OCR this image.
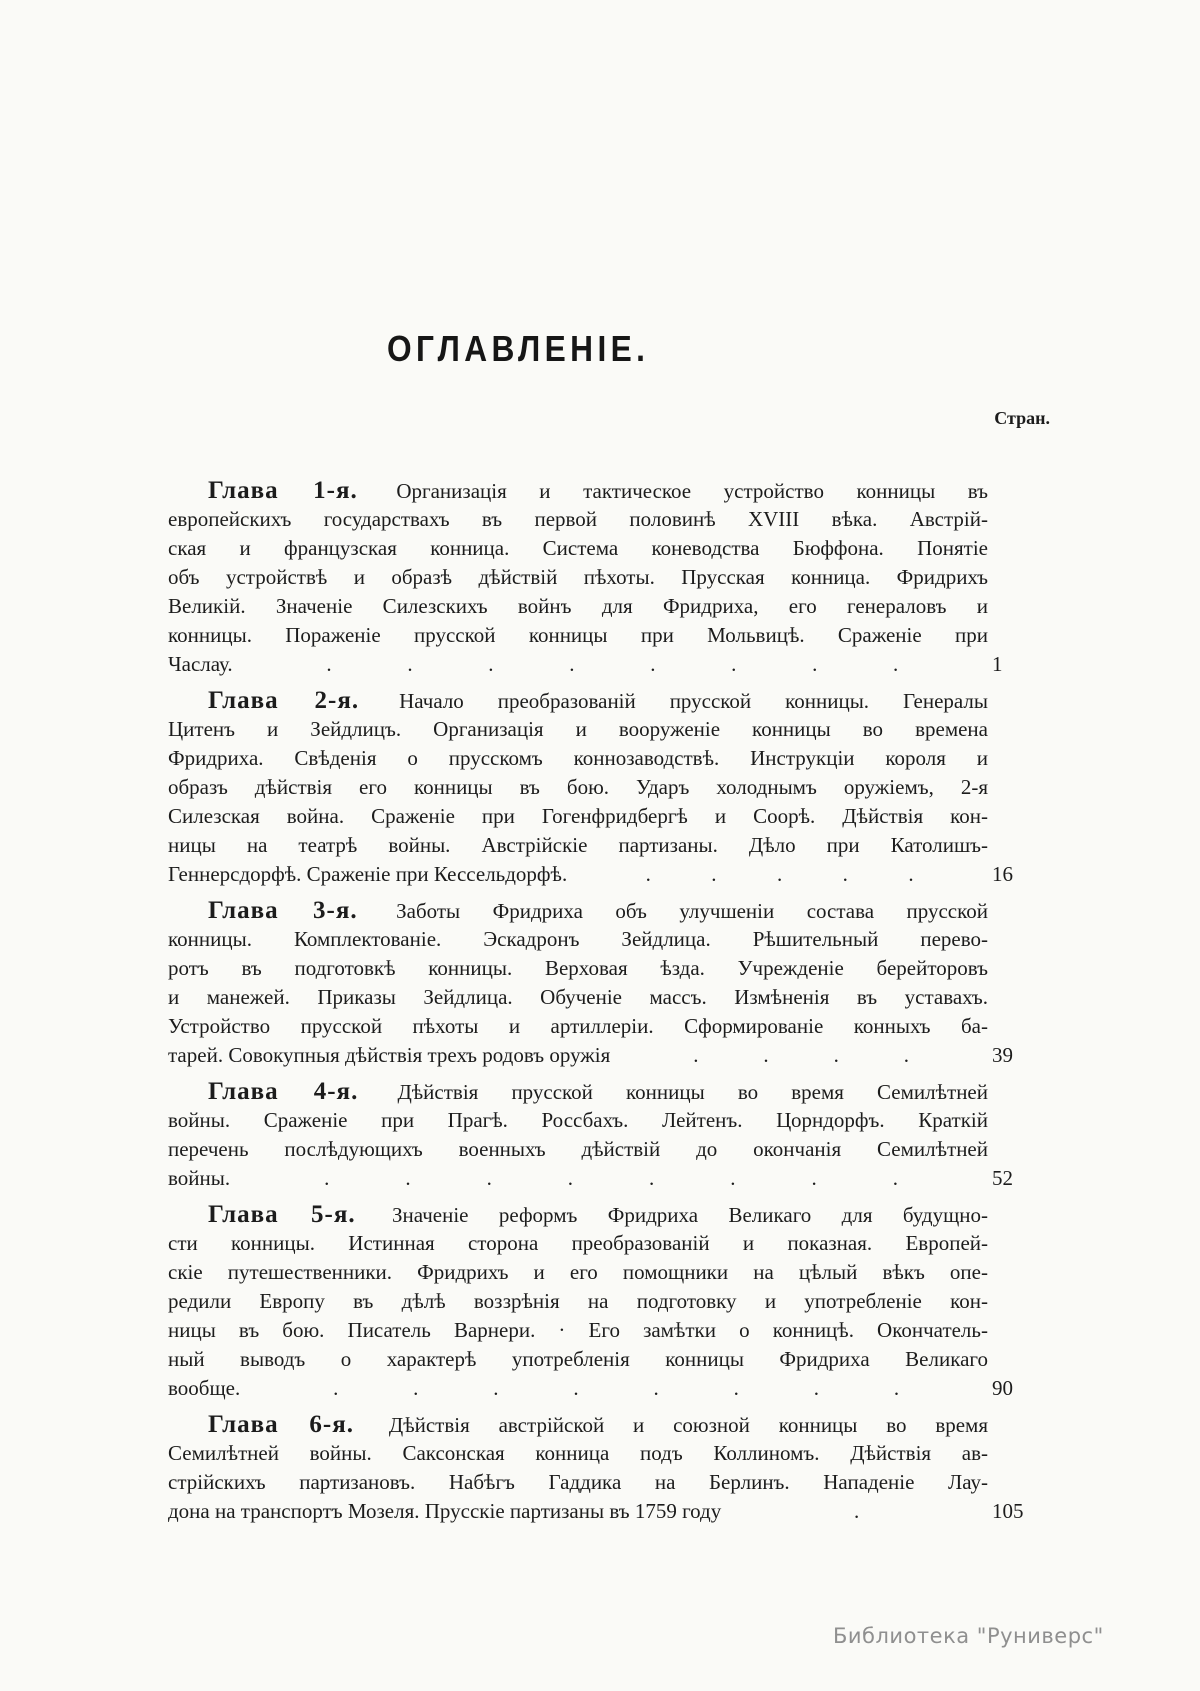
ОГЛАВЛЕНІЕ.
Стран.
Глава 1-я. Организація и тактическое устройство конницы въ
европейскихъ государствахъ въ первой половинѣ XVIII вѣка. Австрій-
ская и французская конница. Система коневодства Бюффона. Понятіе
объ устройствѣ и образѣ дѣйствій пѣхоты. Прусская конница. Фридрихъ
Великій. Значеніе Силезскихъ войнъ для Фридриха, его генераловъ и
конницы. Пораженіе прусской конницы при Мольвицѣ. Сраженіе при
Часлау.	.	.	.	.	.	.	.	.	1
Глава 2-я. Начало преобразованій прусской конницы. Генералы
Цитенъ и Зейдлицъ. Организація и вооруженіе конницы во времена
Фридриха. Свѣденія о прусскомъ коннозаводствѣ. Инструкціи короля и
образъ дѣйствія его конницы въ бою. Ударъ холоднымъ оружіемъ, 2-я
Силезская война. Сраженіе при Гогенфридбергѣ и Соорѣ. Дѣйствія кон-
ницы на театрѣ войны. Австрійскіе партизаны. Дѣло при Католишъ-
Геннерсдорфѣ. Сраженіе при Кессельдорфѣ.	.	.	.	.	.	16
Глава 3-я. Заботы Фридриха объ улучшеніи состава прусской
конницы. Комплектованіе. Эскадронъ Зейдлица. Рѣшительный перево-
ротъ въ подготовкѣ конницы. Верховая ѣзда. Учрежденіе берейторовъ
и манежей. Приказы Зейдлица. Обученіе массъ. Измѣненія въ уставахъ.
Устройство прусской пѣхоты и артиллеріи. Сформированіе конныхъ ба-
тарей. Совокупныя дѣйствія трехъ родовъ оружія	.	.	.	.	39
Глава 4-я. Дѣйствія прусской конницы во время Семилѣтней
войны. Сраженіе при Прагѣ. Россбахъ. Лейтенъ. Цорндорфъ. Краткій
перечень послѣдующихъ военныхъ дѣйствій до окончанія Семилѣтней
войны.	.	.	.	.	.	.	.	.	52
Глава 5-я. Значеніе реформъ Фридриха Великаго для будущно-
сти конницы. Истинная сторона преобразованій и показная. Европей-
скіе путешественники. Фридрихъ и его помощники на цѣлый вѣкъ опе-
редили Европу въ дѣлѣ воззрѣнія на подготовку и употребленіе кон-
ницы въ бою. Писатель Варнери. · Его замѣтки о конницѣ. Окончатель-
ный выводъ о характерѣ употребленія конницы Фридриха Великаго
вообще.	.	.	.	.	.	.	.	.	90
Глава 6-я. Дѣйствія австрійской и союзной конницы во время
Семилѣтней войны. Саксонская конница подъ Коллиномъ. Дѣйствія ав-
стрійскихъ партизановъ. Набѣгъ Гаддика на Берлинъ. Нападеніе Лау-
дона на транспортъ Мозеля. Прусскіе партизаны въ 1759 году	.	105
Библиотека "Руниверс"
